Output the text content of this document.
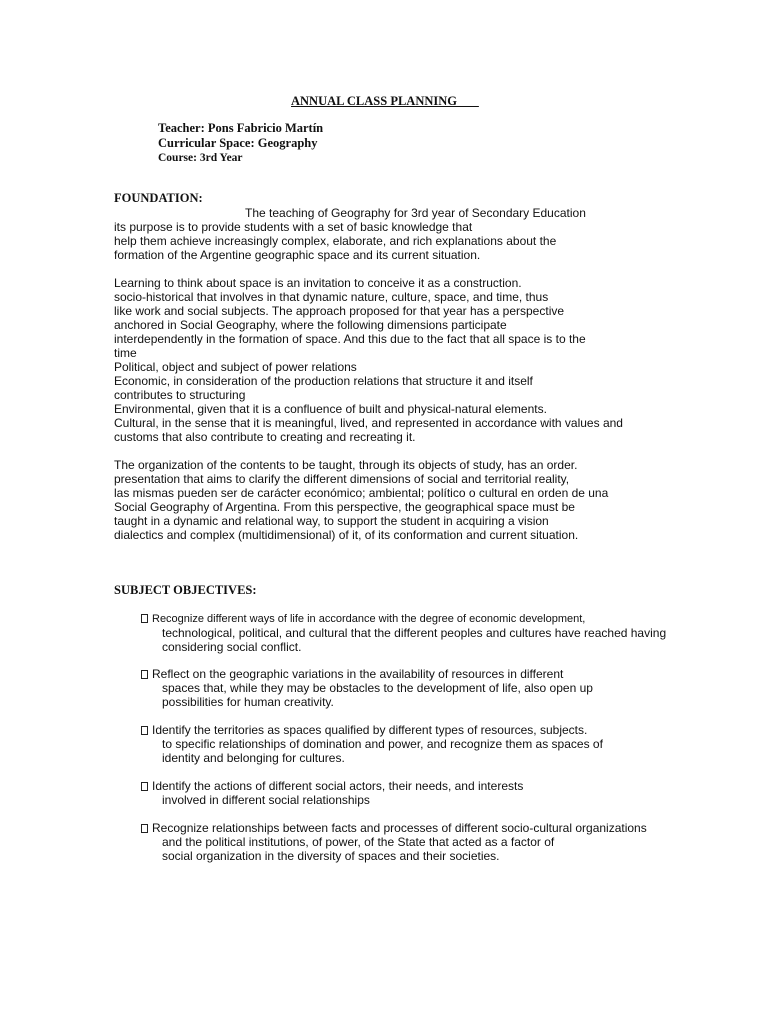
ANNUAL CLASS PLANNING
Teacher: Pons Fabricio Martín
Curricular Space: Geography
Course: 3rd Year
FOUNDATION:
The teaching of Geography for 3rd year of Secondary Education
its purpose is to provide students with a set of basic knowledge that
help them achieve increasingly complex, elaborate, and rich explanations about the
formation of the Argentine geographic space and its current situation.
Learning to think about space is an invitation to conceive it as a construction.
socio-historical that involves in that dynamic nature, culture, space, and time, thus
like work and social subjects. The approach proposed for that year has a perspective
anchored in Social Geography, where the following dimensions participate
interdependently in the formation of space. And this due to the fact that all space is to the
time
Political, object and subject of power relations
Economic, in consideration of the production relations that structure it and itself
contributes to structuring
Environmental, given that it is a confluence of built and physical-natural elements.
Cultural, in the sense that it is meaningful, lived, and represented in accordance with values and
customs that also contribute to creating and recreating it.
The organization of the contents to be taught, through its objects of study, has an order.
presentation that aims to clarify the different dimensions of social and territorial reality,
las mismas pueden ser de carácter económico; ambiental; político o cultural en orden de una
Social Geography of Argentina. From this perspective, the geographical space must be
taught in a dynamic and relational way, to support the student in acquiring a vision
dialectics and complex (multidimensional) of it, of its conformation and current situation.
SUBJECT OBJECTIVES:
Recognize different ways of life in accordance with the degree of economic development,
technological, political, and cultural that the different peoples and cultures have reached having
considering social conflict.
Reflect on the geographic variations in the availability of resources in different
spaces that, while they may be obstacles to the development of life, also open up
possibilities for human creativity.
Identify the territories as spaces qualified by different types of resources, subjects.
to specific relationships of domination and power, and recognize them as spaces of
identity and belonging for cultures.
Identify the actions of different social actors, their needs, and interests
involved in different social relationships
Recognize relationships between facts and processes of different socio-cultural organizations
and the political institutions, of power, of the State that acted as a factor of
social organization in the diversity of spaces and their societies.
